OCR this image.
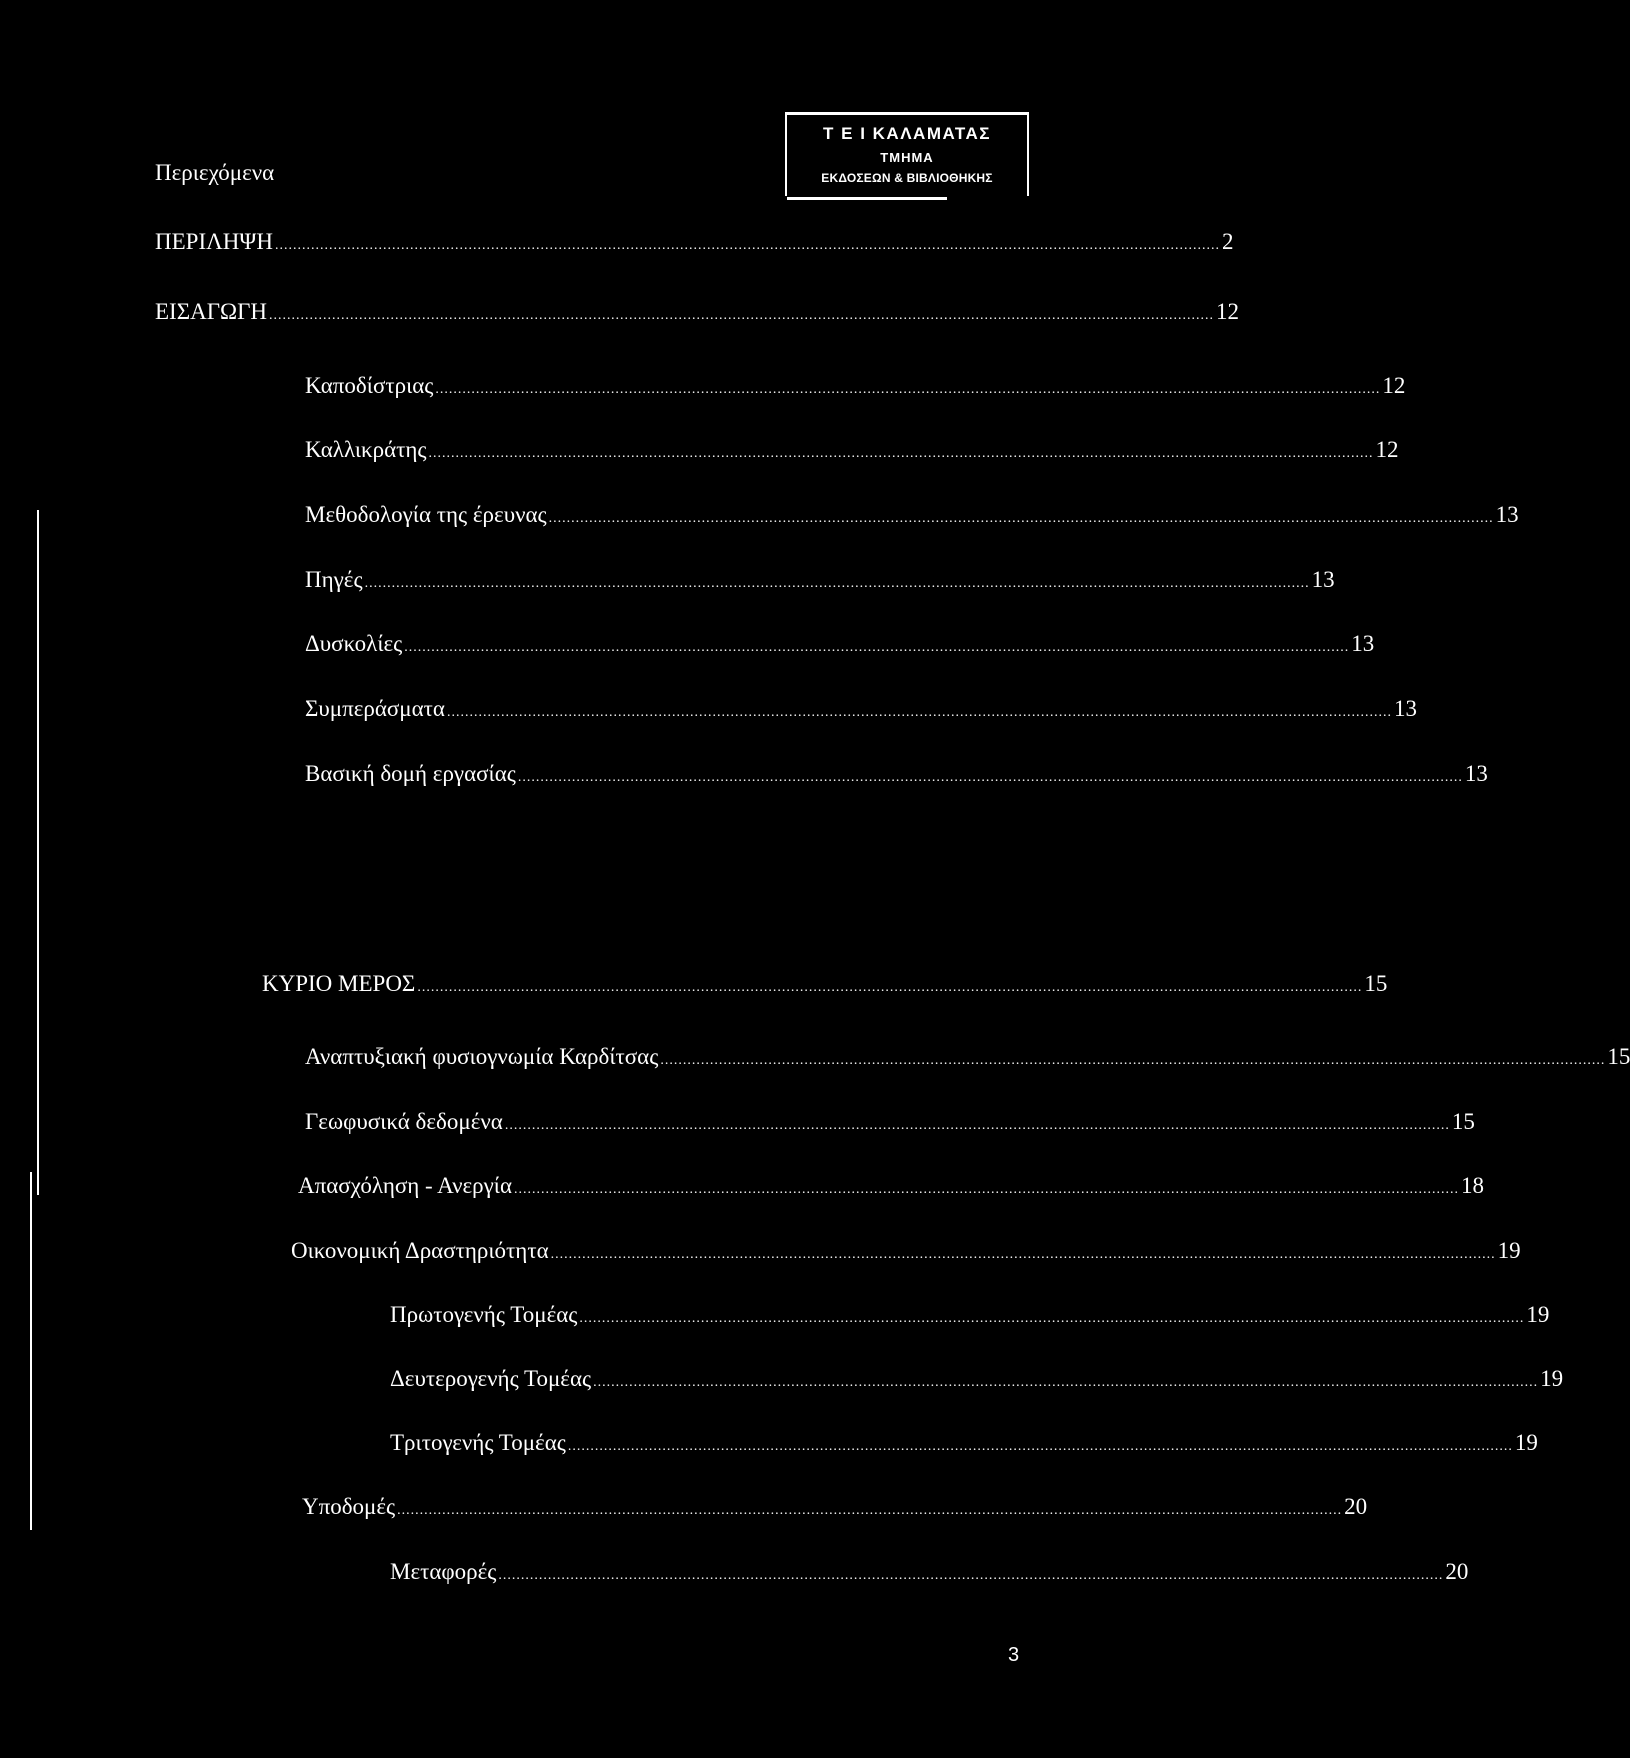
Περιεχόμενα
Τ Ε Ι ΚΑΛΑΜΑΤΑΣ
ΤΜΗΜΑ
ΕΚΔΟΣΕΩΝ & ΒΙΒΛΙΟΘΗΚΗΣ
ΠΕΡΙΛΗΨΗ .................................................................................................................................................................................................................. 2
ΕΙΣΑΓΩΓΗ .................................................................................................................................................................................................................. 12
Καποδίστριας .................................................................................................................................................................................................................. 12
Καλλικράτης .................................................................................................................................................................................................................. 12
Μεθοδολογία της έρευνας .................................................................................................................................................................................................................. 13
Πηγές .................................................................................................................................................................................................................. 13
Δυσκολίες .................................................................................................................................................................................................................. 13
Συμπεράσματα .................................................................................................................................................................................................................. 13
Βασική δομή εργασίας .................................................................................................................................................................................................................. 13
ΚΥΡΙΟ ΜΕΡΟΣ .................................................................................................................................................................................................................. 15
Αναπτυξιακή φυσιογνωμία Καρδίτσας .................................................................................................................................................................................................................. 15
Γεωφυσικά δεδομένα .................................................................................................................................................................................................................. 15
Απασχόληση - Ανεργία .................................................................................................................................................................................................................. 18
Οικονομική Δραστηριότητα .................................................................................................................................................................................................................. 19
Πρωτογενής Τομέας .................................................................................................................................................................................................................. 19
Δευτερογενής Τομέας .................................................................................................................................................................................................................. 19
Τριτογενής Τομέας .................................................................................................................................................................................................................. 19
Υποδομές .................................................................................................................................................................................................................. 20
Μεταφορές .................................................................................................................................................................................................................. 20
3
